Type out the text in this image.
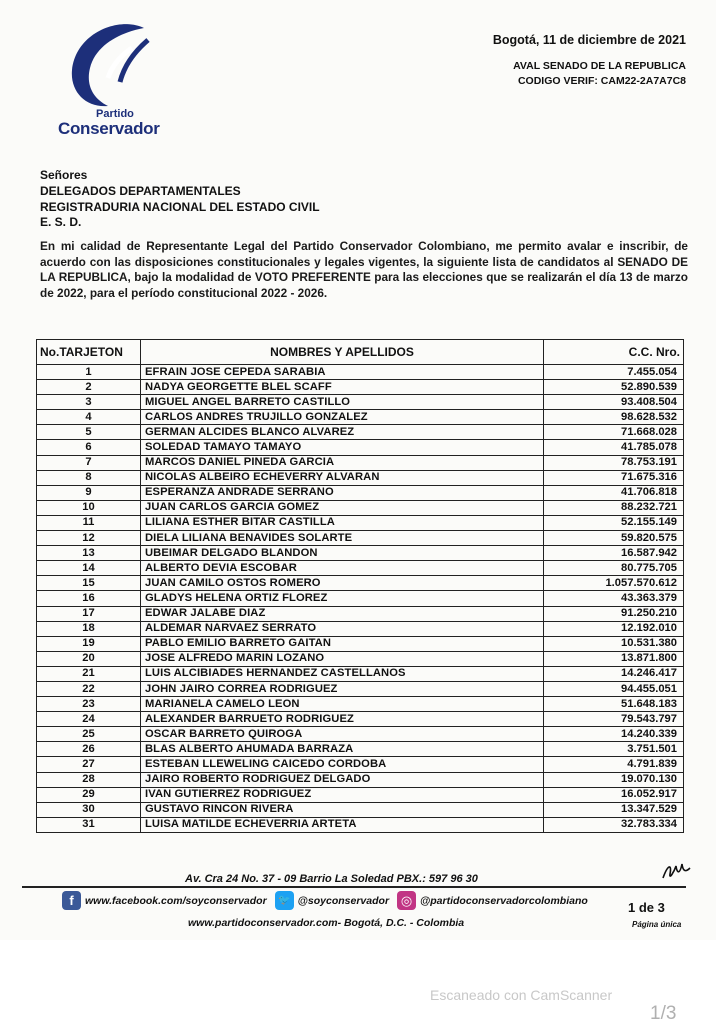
Partido
Conservador
Bogotá, 11 de diciembre de 2021
AVAL SENADO DE LA REPUBLICA
CODIGO VERIF: CAM22-2A7A7C8
Señores
DELEGADOS DEPARTAMENTALES
REGISTRADURIA NACIONAL DEL ESTADO CIVIL
E. S. D.

En mi calidad de Representante Legal del Partido Conservador Colombiano, me permito avalar e inscribir, de acuerdo con las disposiciones constitucionales y legales vigentes, la siguiente lista de candidatos al SENADO DE LA REPUBLICA, bajo la modalidad de VOTO PREFERENTE para las elecciones que se realizarán el día 13 de marzo de 2022, para el período constitucional 2022 - 2026.

No.TARJETON	NOMBRES Y APELLIDOS	C.C. Nro.
1	EFRAIN JOSE CEPEDA SARABIA	7.455.054
2	NADYA GEORGETTE BLEL SCAFF	52.890.539
3	MIGUEL ANGEL BARRETO CASTILLO	93.408.504
4	CARLOS ANDRES TRUJILLO GONZALEZ	98.628.532
5	GERMAN ALCIDES BLANCO ALVAREZ	71.668.028
6	SOLEDAD TAMAYO TAMAYO	41.785.078
7	MARCOS DANIEL PINEDA GARCIA	78.753.191
8	NICOLAS ALBEIRO ECHEVERRY ALVARAN	71.675.316
9	ESPERANZA ANDRADE SERRANO	41.706.818
10	JUAN CARLOS GARCIA GOMEZ	88.232.721
11	LILIANA ESTHER BITAR CASTILLA	52.155.149
12	DIELA LILIANA BENAVIDES SOLARTE	59.820.575
13	UBEIMAR DELGADO BLANDON	16.587.942
14	ALBERTO DEVIA ESCOBAR	80.775.705
15	JUAN CAMILO OSTOS ROMERO	1.057.570.612
16	GLADYS HELENA ORTIZ FLOREZ	43.363.379
17	EDWAR JALABE DIAZ	91.250.210
18	ALDEMAR NARVAEZ SERRATO	12.192.010
19	PABLO EMILIO BARRETO GAITAN	10.531.380
20	JOSE ALFREDO MARIN LOZANO	13.871.800
21	LUIS ALCIBIADES HERNANDEZ CASTELLANOS	14.246.417
22	JOHN JAIRO CORREA RODRIGUEZ	94.455.051
23	MARIANELA CAMELO LEON	51.648.183
24	ALEXANDER BARRUETO RODRIGUEZ	79.543.797
25	OSCAR BARRETO QUIROGA	14.240.339
26	BLAS ALBERTO AHUMADA BARRAZA	3.751.501
27	ESTEBAN LLEWELING CAICEDO CORDOBA	4.791.839
28	JAIRO ROBERTO RODRIGUEZ DELGADO	19.070.130
29	IVAN GUTIERREZ RODRIGUEZ	16.052.917
30	GUSTAVO RINCON RIVERA	13.347.529
31	LUISA MATILDE ECHEVERRIA ARTETA	32.783.334
Av. Cra 24 No. 37 - 09 Barrio La Soledad PBX.: 597 96 30
f	www.facebook.com/soyconservador	🐦 @soyconservador ◎ @partidoconservadorcolombiano
www.partidoconservador.com- Bogotá, D.C. - Colombia
1 de 3
Página única
Escaneado con CamScanner
1/3
